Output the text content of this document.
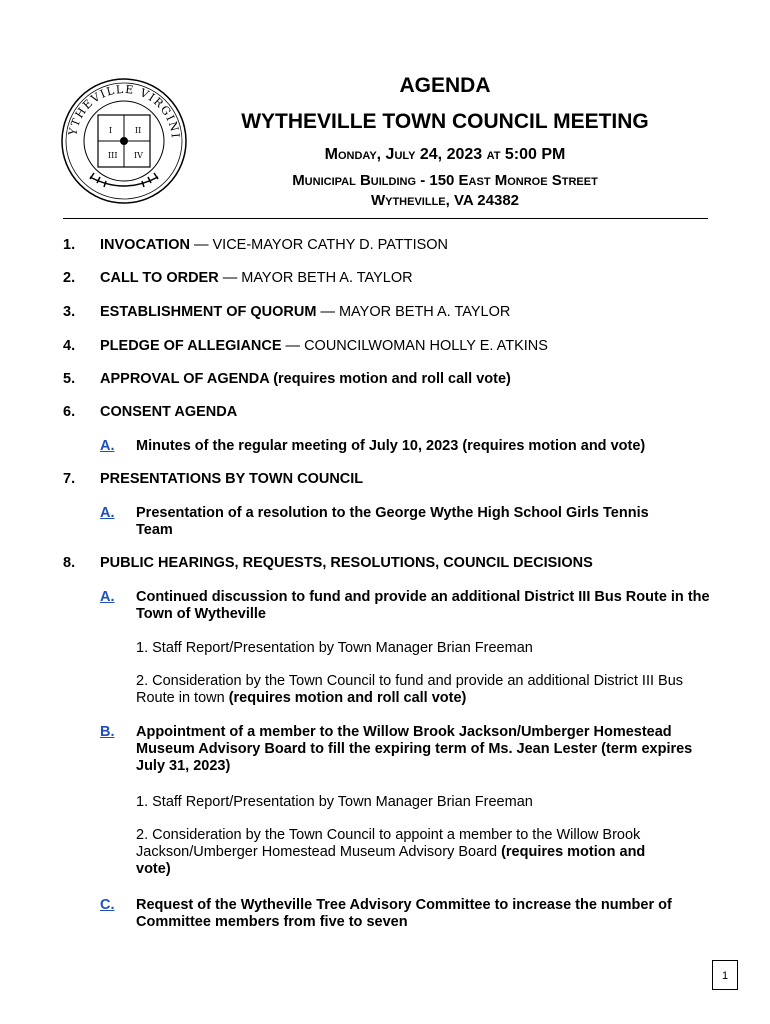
YTHEVILLE VIRGINI
I	II
III IV
AGENDA
WYTHEVILLE TOWN COUNCIL MEETING
Monday, July 24, 2023 at 5:00 PM
Municipal Building - 150 East Monroe Street
Wytheville, VA 24382
1. INVOCATION — VICE-MAYOR CATHY D. PATTISON
2. CALL TO ORDER — MAYOR BETH A. TAYLOR
3. ESTABLISHMENT OF QUORUM — MAYOR BETH A. TAYLOR
4. PLEDGE OF ALLEGIANCE — COUNCILWOMAN HOLLY E. ATKINS
5. APPROVAL OF AGENDA (requires motion and roll call vote)
6. CONSENT AGENDA
A. Minutes of the regular meeting of July 10, 2023 (requires motion and vote)
7. PRESENTATIONS BY TOWN COUNCIL
A. Presentation of a resolution to the George Wythe High School Girls Tennis Team
8. PUBLIC HEARINGS, REQUESTS, RESOLUTIONS, COUNCIL DECISIONS
A. Continued discussion to fund and provide an additional District III Bus Route in the Town of Wytheville
1. Staff Report/Presentation by Town Manager Brian Freeman
2. Consideration by the Town Council to fund and provide an additional District III Bus Route in town (requires motion and roll call vote)
B. Appointment of a member to the Willow Brook Jackson/Umberger Homestead Museum Advisory Board to fill the expiring term of Ms. Jean Lester (term expires July 31, 2023)
1. Staff Report/Presentation by Town Manager Brian Freeman
2. Consideration by the Town Council to appoint a member to the Willow Brook Jackson/Umberger Homestead Museum Advisory Board (requires motion and vote)
C. Request of the Wytheville Tree Advisory Committee to increase the number of Committee members from five to seven
1
